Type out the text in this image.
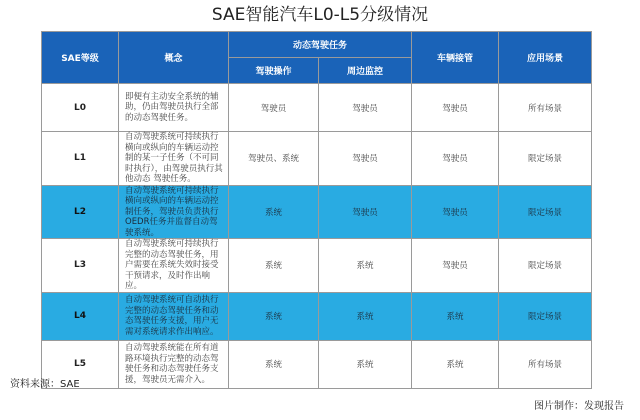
SAE智能汽车L0-L5分级情况
SAE等级	概念	动态驾驶任务		车辆接管	应用场景
		驾驶操作	周边监控		
L0	即便有主动安全系统的辅助，仍由驾驶员执行全部的动态驾驶任务。	驾驶员	驾驶员	驾驶员	所有场景
L1	自动驾驶系统可持续执行横向或纵向的车辆运动控制的某一子任务（不可同时执行），由驾驶员执行其他动态 驾驶任务。	驾驶员、系统	驾驶员	驾驶员	限定场景
L2	自动驾驶系统可持续执行横向或纵向的车辆运动控制任务，驾驶员负责执行OEDR任务并监督自动驾驶系统。	系统	驾驶员	驾驶员	限定场景
L3	自动驾驶系统可持续执行完整的动态驾驶任务，用户需要在系统失效时接受干预请求，及时作出响应。	系统	系统	驾驶员	限定场景
L4	自动驾驶系统可自动执行完整的动态驾驶任务和动态驾驶任务支援，用户无需对系统请求作出响应。	系统	系统	系统	限定场景
L5	自动驾驶系统能在所有道路环境执行完整的动态驾驶任务和动态驾驶任务支援，驾驶员无需介入。	系统	系统	系统	所有场景
资料来源：SAE
图片制作：发现报告
